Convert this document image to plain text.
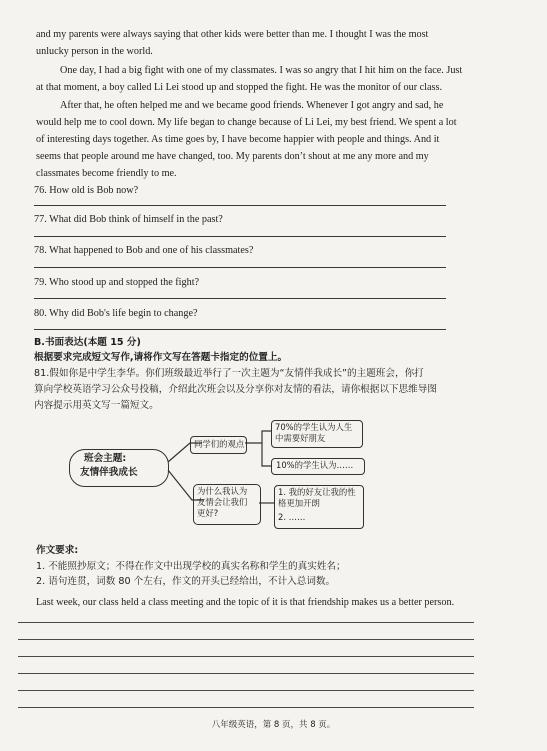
and my parents were always saying that other kids were better than me. I thought I was the most
unlucky person in the world.
One day, I had a big fight with one of my classmates. I was so angry that I hit him on the face. Just
at that moment, a boy called Li Lei stood up and stopped the fight. He was the monitor of our class.
After that, he often helped me and we became good friends. Whenever I got angry and sad, he
would help me to cool down. My life began to change because of Li Lei, my best friend. We spent a lot
of interesting days together. As time goes by, I have become happier with people and things. And it
seems that people around me have changed, too. My parents don’t shout at me any more and my
classmates become friendly to me.
76. How old is Bob now?
77. What did Bob think of himself in the past?
78. What happened to Bob and one of his classmates?
79. Who stood up and stopped the fight?
80. Why did Bob's life begin to change?
B.书面表达(本题 15 分)
根据要求完成短文写作,请将作文写在答题卡指定的位置上。
81.假如你是中学生李华。你们班级最近举行了一次主题为“友情伴我成长”的主题班会，你打
算向学校英语学习公众号投稿，介绍此次班会以及分享你对友情的看法，请你根据以下思维导图
内容提示用英文写一篇短文。
班会主题:
友情伴我成长
同学们的观点
为什么我认为
友情会让我们
更好?
70%的学生认为人生
中需要好朋友
10%的学生认为……
1. 我的好友让我的性
格更加开朗
2. ……
作文要求:
1. 不能照抄原文；不得在作文中出现学校的真实名称和学生的真实姓名；
2. 语句连贯，词数 80 个左右，作文的开头已经给出，不计入总词数。
Last week, our class held a class meeting and the topic of it is that friendship makes us a better person.
八年级英语，第 8 页，共 8 页。
